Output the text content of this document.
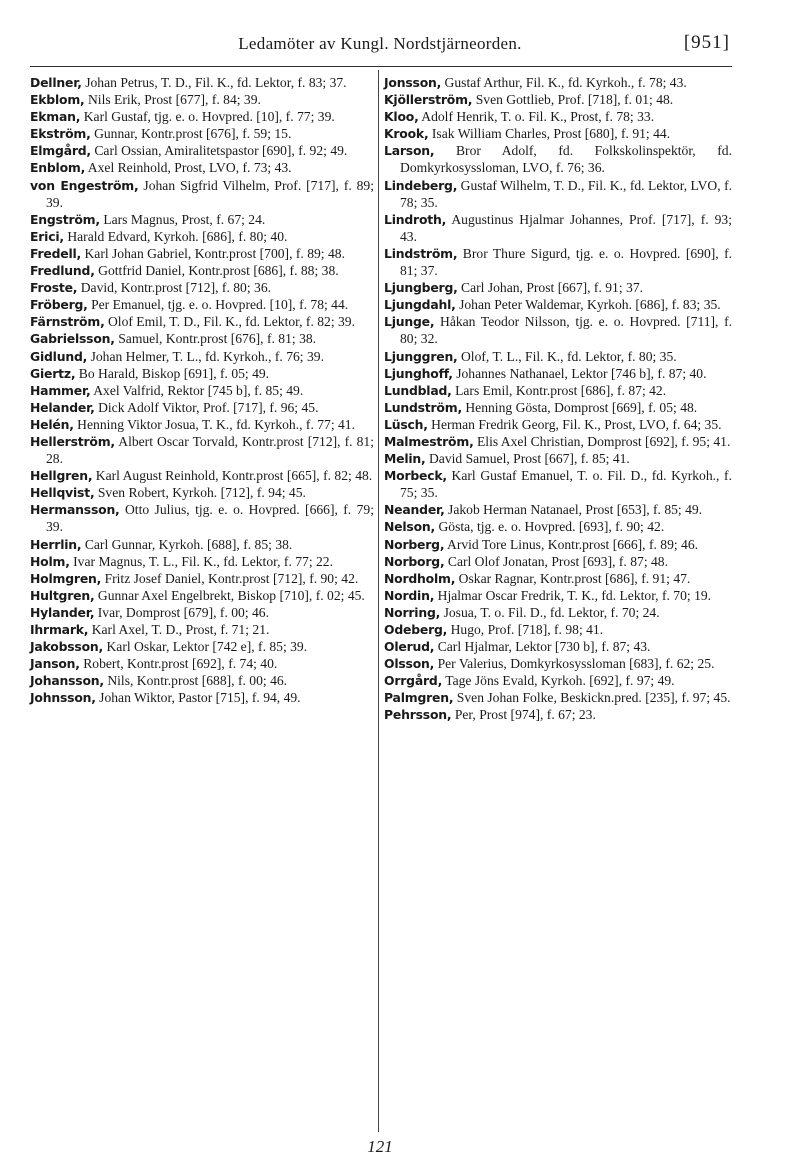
Ledamöter av Kungl. Nordstjärneorden.	[951]

Dellner, Johan Petrus, T. D., Fil. K., fd. Lektor, f. 83; 37.

Ekblom, Nils Erik, Prost [677], f. 84; 39.

Ekman, Karl Gustaf, tjg. e. o. Hovpred. [10], f. 77; 39.

Ekström, Gunnar, Kontr.prost [676], f. 59; 15.

Elmgård, Carl Ossian, Amiralitetspastor [690], f. 92; 49.

Enblom, Axel Reinhold, Prost, LVO, f. 73; 43.

von Engeström, Johan Sigfrid Vilhelm, Prof. [717], f. 89; 39.

Engström, Lars Magnus, Prost, f. 67; 24.

Erici, Harald Edvard, Kyrkoh. [686], f. 80; 40.

Fredell, Karl Johan Gabriel, Kontr.prost [700], f. 89; 48.

Fredlund, Gottfrid Daniel, Kontr.prost [686], f. 88; 38.

Froste, David, Kontr.prost [712], f. 80; 36.

Fröberg, Per Emanuel, tjg. e. o. Hovpred. [10], f. 78; 44.

Färnström, Olof Emil, T. D., Fil. K., fd. Lektor, f. 82; 39.

Gabrielsson, Samuel, Kontr.prost [676], f. 81; 38.

Gidlund, Johan Helmer, T. L., fd. Kyrkoh., f. 76; 39.

Giertz, Bo Harald, Biskop [691], f. 05; 49.

Hammer, Axel Valfrid, Rektor [745 b], f. 85; 49.

Helander, Dick Adolf Viktor, Prof. [717], f. 96; 45.

Helén, Henning Viktor Josua, T. K., fd. Kyrkoh., f. 77; 41.

Hellerström, Albert Oscar Torvald, Kontr.prost [712], f. 81; 28.

Hellgren, Karl August Reinhold, Kontr.prost [665], f. 82; 48.

Hellqvist, Sven Robert, Kyrkoh. [712], f. 94; 45.

Hermansson, Otto Julius, tjg. e. o. Hovpred. [666], f. 79; 39.

Herrlin, Carl Gunnar, Kyrkoh. [688], f. 85; 38.

Holm, Ivar Magnus, T. L., Fil. K., fd. Lektor, f. 77; 22.

Holmgren, Fritz Josef Daniel, Kontr.prost [712], f. 90; 42.

Hultgren, Gunnar Axel Engelbrekt, Biskop [710], f. 02; 45.

Hylander, Ivar, Domprost [679], f. 00; 46.

Ihrmark, Karl Axel, T. D., Prost, f. 71; 21.

Jakobsson, Karl Oskar, Lektor [742 e], f. 85; 39.

Janson, Robert, Kontr.prost [692], f. 74; 40.

Johansson, Nils, Kontr.prost [688], f. 00; 46.

Johnsson, Johan Wiktor, Pastor [715], f. 94, 49.

Jonsson, Gustaf Arthur, Fil. K., fd. Kyrkoh., f. 78; 43.

Kjöllerström, Sven Gottlieb, Prof. [718], f. 01; 48.

Kloo, Adolf Henrik, T. o. Fil. K., Prost, f. 78; 33.

Krook, Isak William Charles, Prost [680], f. 91; 44.

Larson, Bror Adolf, fd. Folkskolinspektör, fd. Domkyrkosyssloman, LVO, f. 76; 36.

Lindeberg, Gustaf Wilhelm, T. D., Fil. K., fd. Lektor, LVO, f. 78; 35.

Lindroth, Augustinus Hjalmar Johannes, Prof. [717], f. 93; 43.

Lindström, Bror Thure Sigurd, tjg. e. o. Hovpred. [690], f. 81; 37.

Ljungberg, Carl Johan, Prost [667], f. 91; 37.

Ljungdahl, Johan Peter Waldemar, Kyrkoh. [686], f. 83; 35.

Ljunge, Håkan Teodor Nilsson, tjg. e. o. Hovpred. [711], f. 80; 32.

Ljunggren, Olof, T. L., Fil. K., fd. Lektor, f. 80; 35.

Ljunghoff, Johannes Nathanael, Lektor [746 b], f. 87; 40.

Lundblad, Lars Emil, Kontr.prost [686], f. 87; 42.

Lundström, Henning Gösta, Domprost [669], f. 05; 48.

Lüsch, Herman Fredrik Georg, Fil. K., Prost, LVO, f. 64; 35.

Malmeström, Elis Axel Christian, Domprost [692], f. 95; 41.

Melin, David Samuel, Prost [667], f. 85; 41.

Morbeck, Karl Gustaf Emanuel, T. o. Fil. D., fd. Kyrkoh., f. 75; 35.

Neander, Jakob Herman Natanael, Prost [653], f. 85; 49.

Nelson, Gösta, tjg. e. o. Hovpred. [693], f. 90; 42.

Norberg, Arvid Tore Linus, Kontr.prost [666], f. 89; 46.

Norborg, Carl Olof Jonatan, Prost [693], f. 87; 48.

Nordholm, Oskar Ragnar, Kontr.prost [686], f. 91; 47.

Nordin, Hjalmar Oscar Fredrik, T. K., fd. Lektor, f. 70; 19.

Norring, Josua, T. o. Fil. D., fd. Lektor, f. 70; 24.

Odeberg, Hugo, Prof. [718], f. 98; 41.

Olerud, Carl Hjalmar, Lektor [730 b], f. 87; 43.

Olsson, Per Valerius, Domkyrkosyssloman [683], f. 62; 25.

Orrgård, Tage Jöns Evald, Kyrkoh. [692], f. 97; 49.

Palmgren, Sven Johan Folke, Beskickn.pred. [235], f. 97; 45.

Pehrsson, Per, Prost [974], f. 67; 23.

121
